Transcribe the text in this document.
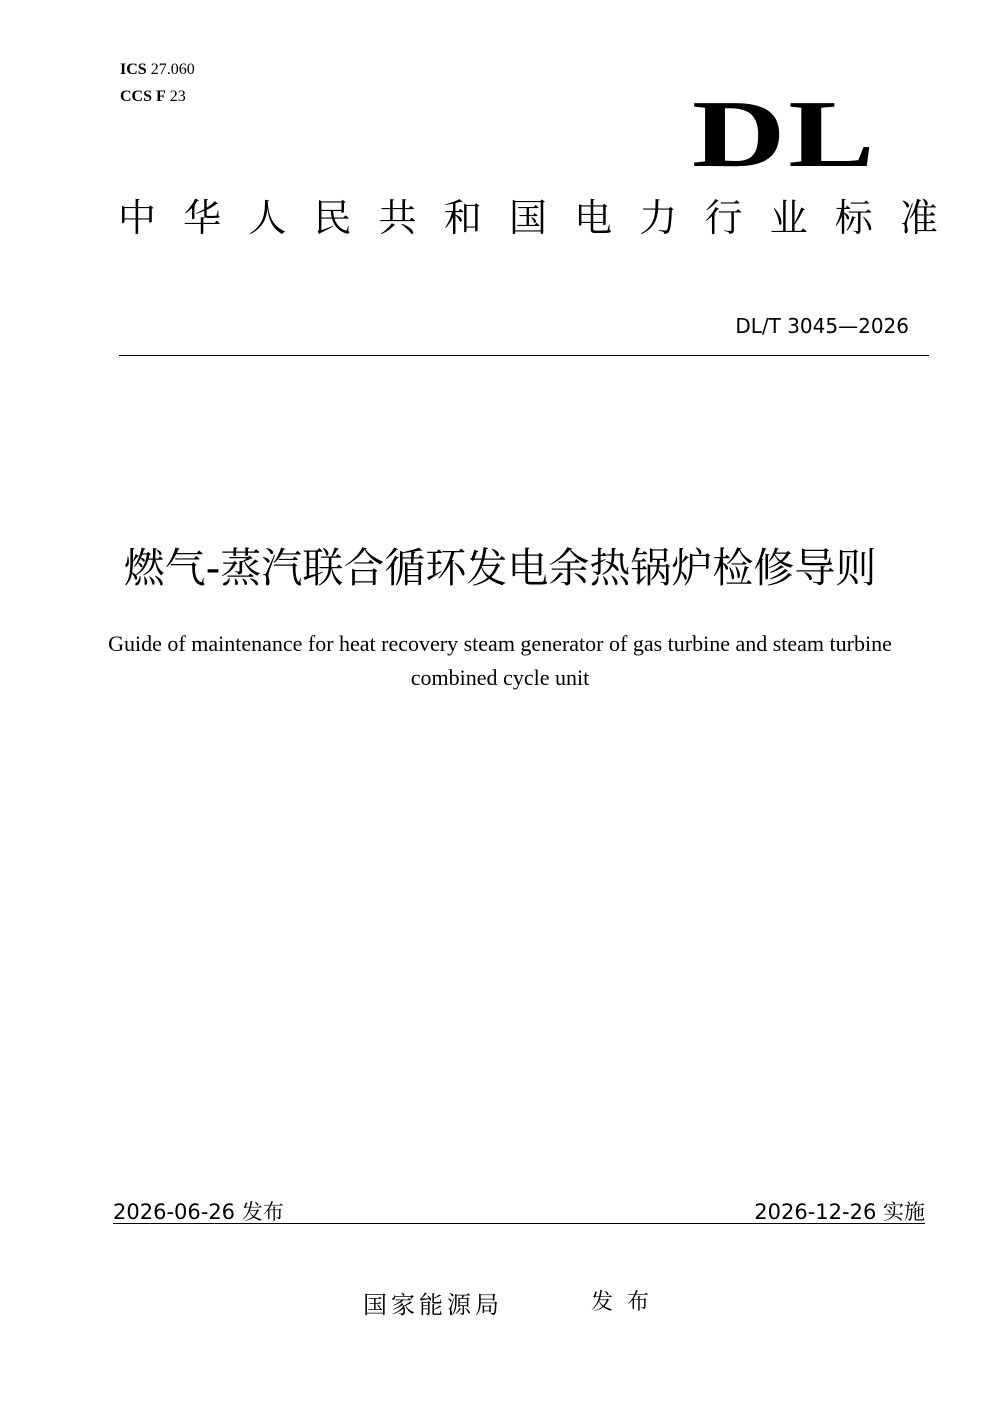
ICS 27.060
CCS F 23	DL
中 华 人 民 共 和 国 电 力 行 业 标 准
DL/T 3045—2026
燃气-蒸汽联合循环发电余热锅炉检修导则
Guide of maintenance for heat recovery steam generator of gas turbine and steam turbine combined cycle unit
2026-06-26 发布	2026-12-26 实施
国家能源局	发布
